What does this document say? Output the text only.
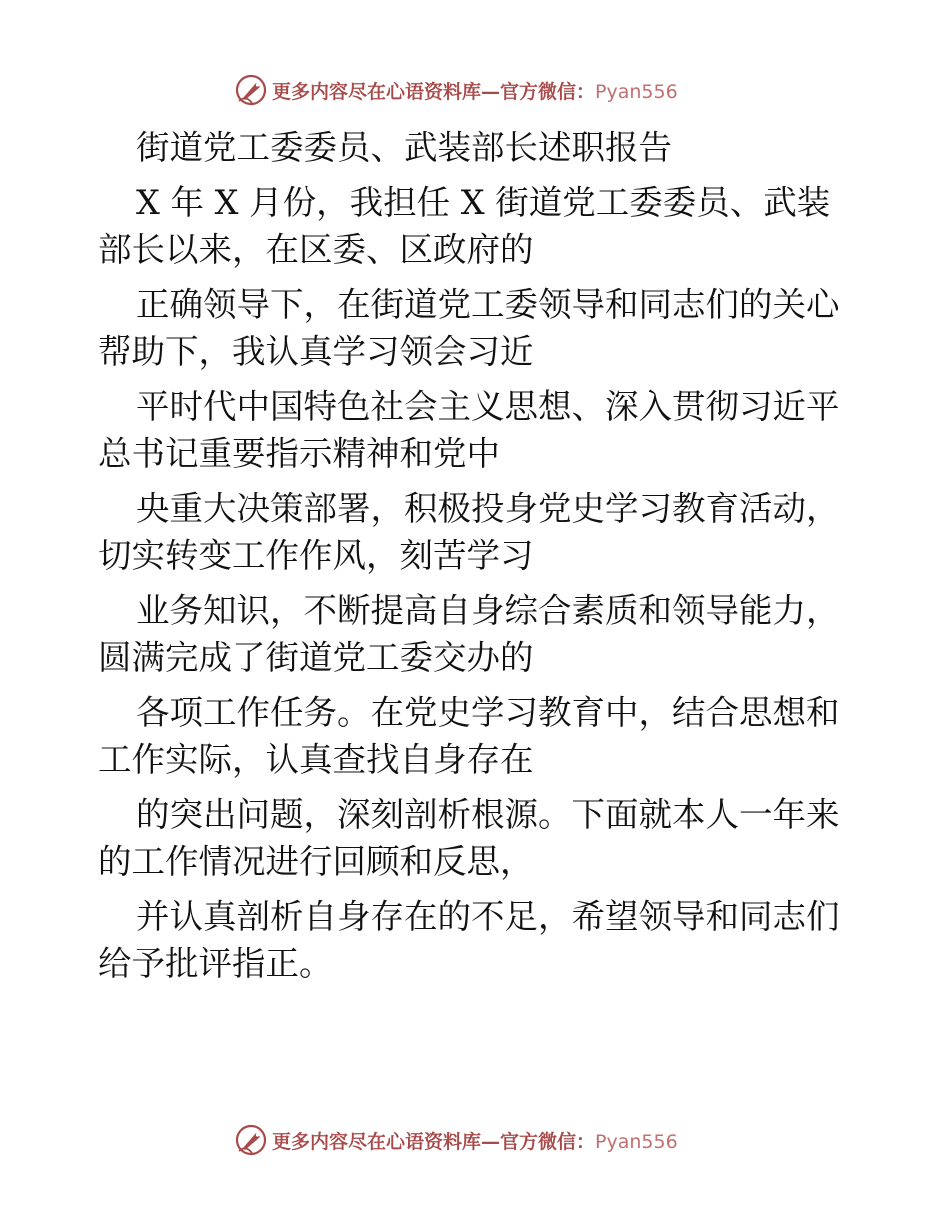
更多内容尽在心语资料库—官方微信：Pyan556
街道党工委委员、武装部长述职报告
X 年 X 月份，我担任 X 街道党工委委员、武装
部长以来，在区委、区政府的
正确领导下，在街道党工委领导和同志们的关心
帮助下，我认真学习领会习近
平时代中国特色社会主义思想、深入贯彻习近平
总书记重要指示精神和党中
央重大决策部署，积极投身党史学习教育活动，
切实转变工作作风，刻苦学习
业务知识，不断提高自身综合素质和领导能力，
圆满完成了街道党工委交办的
各项工作任务。在党史学习教育中，结合思想和
工作实际，认真查找自身存在
的突出问题，深刻剖析根源。下面就本人一年来
的工作情况进行回顾和反思，
并认真剖析自身存在的不足，希望领导和同志们
给予批评指正。
更多内容尽在心语资料库—官方微信：Pyan556
